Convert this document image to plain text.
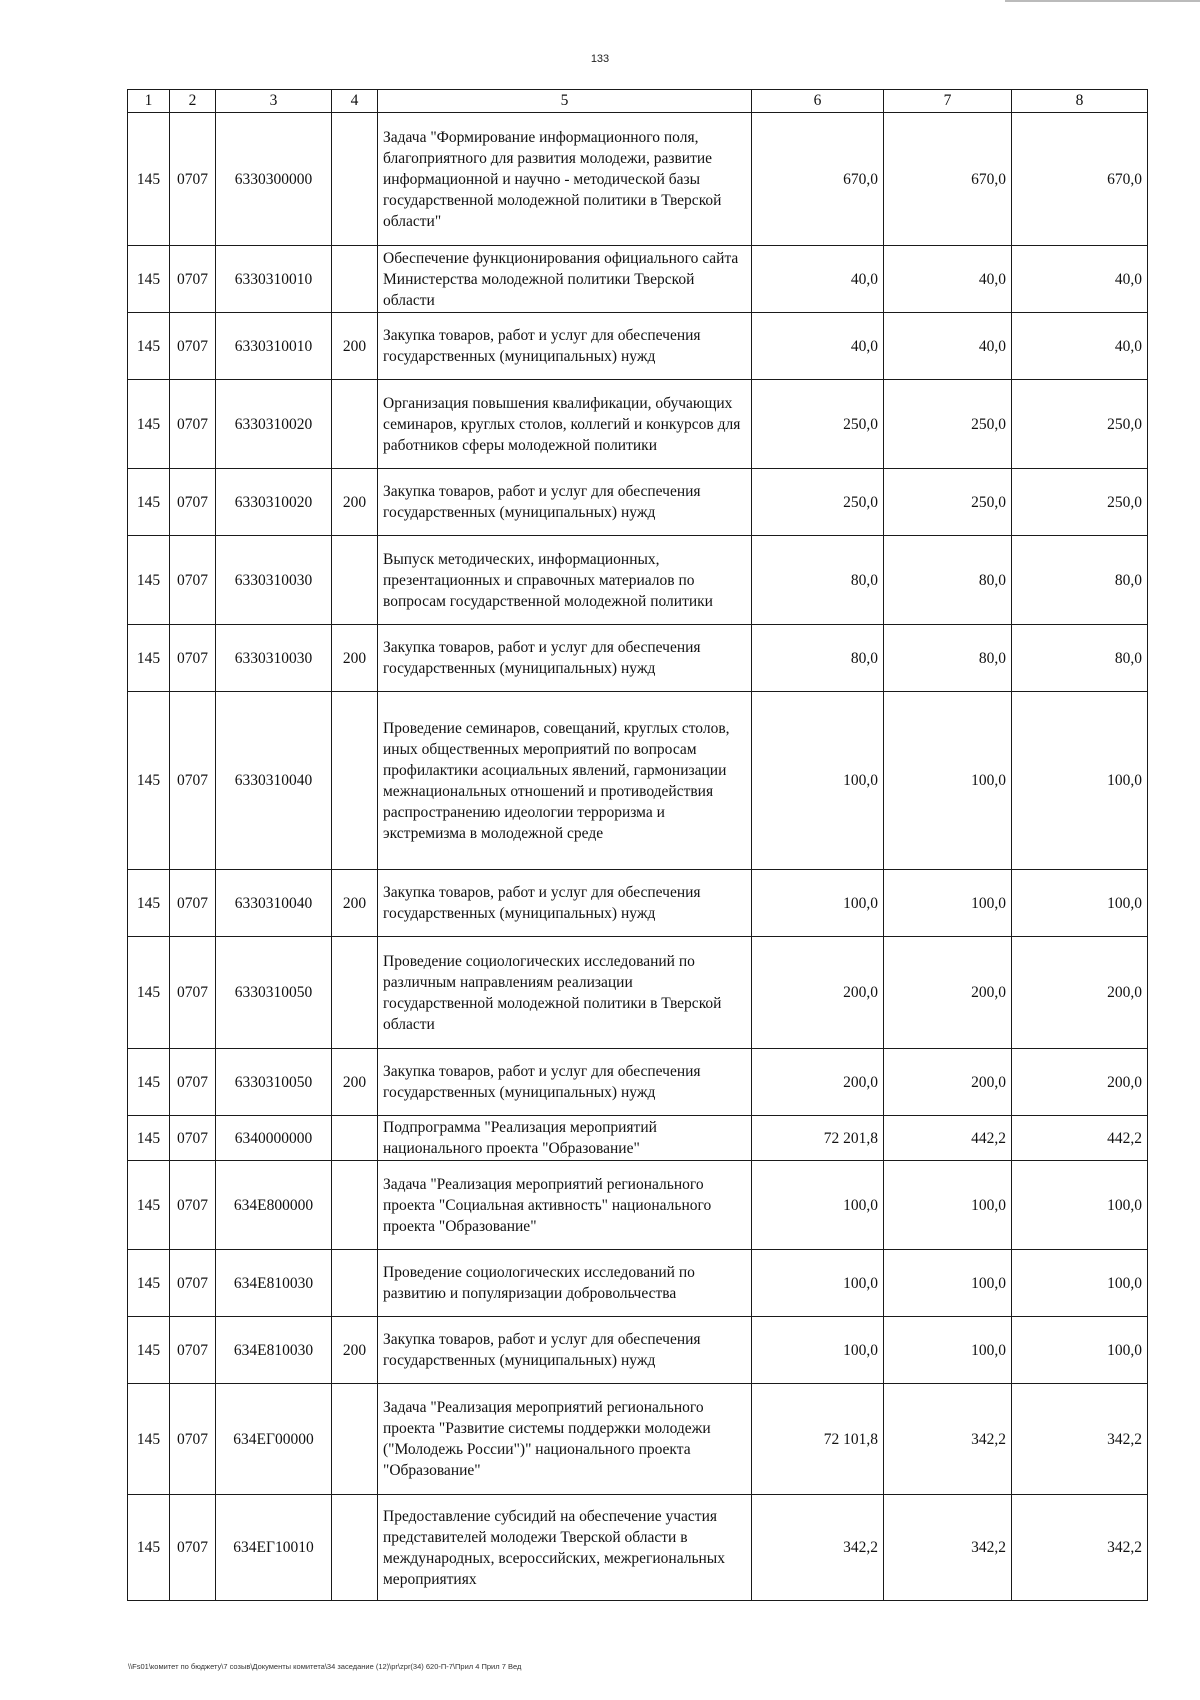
133
1	2	3	4	5	6	7	8
145	0707	6330300000		Задача "Формирование информационного поля, благоприятного для развития молодежи, развитие информационной и научно - методической базы государственной молодежной политики в Тверской области"	670,0	670,0	670,0
145	0707	6330310010		Обеспечение функционирования официального сайта Министерства молодежной политики Тверской области	40,0	40,0	40,0
145	0707	6330310010	200	Закупка товаров, работ и услуг для обеспечения государственных (муниципальных) нужд	40,0	40,0	40,0
145	0707	6330310020		Организация повышения квалификации, обучающих семинаров, круглых столов, коллегий и конкурсов для работников сферы молодежной политики	250,0	250,0	250,0
145	0707	6330310020	200	Закупка товаров, работ и услуг для обеспечения государственных (муниципальных) нужд	250,0	250,0	250,0
145	0707	6330310030		Выпуск методических, информационных, презентационных и справочных материалов по вопросам государственной молодежной политики	80,0	80,0	80,0
145	0707	6330310030	200	Закупка товаров, работ и услуг для обеспечения государственных (муниципальных) нужд	80,0	80,0	80,0
145	0707	6330310040		Проведение семинаров, совещаний, круглых столов, иных общественных мероприятий по вопросам профилактики асоциальных явлений, гармонизации межнациональных отношений и противодействия распространению идеологии терроризма и экстремизма в молодежной среде	100,0	100,0	100,0
145	0707	6330310040	200	Закупка товаров, работ и услуг для обеспечения государственных (муниципальных) нужд	100,0	100,0	100,0
145	0707	6330310050		Проведение социологических исследований по различным направлениям реализации государственной молодежной политики в Тверской области	200,0	200,0	200,0
145	0707	6330310050	200	Закупка товаров, работ и услуг для обеспечения государственных (муниципальных) нужд	200,0	200,0	200,0
145	0707	6340000000		Подпрограмма "Реализация мероприятий национального проекта "Образование"	72 201,8	442,2	442,2
145	0707	634E800000		Задача "Реализация мероприятий регионального проекта "Социальная активность" национального проекта "Образование"	100,0	100,0	100,0
145	0707	634E810030		Проведение социологических исследований по развитию и популяризации добровольчества	100,0	100,0	100,0
145	0707	634E810030	200	Закупка товаров, работ и услуг для обеспечения государственных (муниципальных) нужд	100,0	100,0	100,0
145	0707	634EГ00000		Задача "Реализация мероприятий регионального проекта "Развитие системы поддержки молодежи ("Молодежь России")" национального проекта "Образование"	72 101,8	342,2	342,2
145	0707	634EГ10010		Предоставление субсидий на обеспечение участия представителей молодежи Тверской области в международных, всероссийских, межрегиональных мероприятиях	342,2	342,2	342,2
\\Fs01\комитет по бюджету\7 созыв\Документы комитета\34 заседание (12)\pr\zpr(34) 620-П-7\Прил 4 Прил 7 Вед
